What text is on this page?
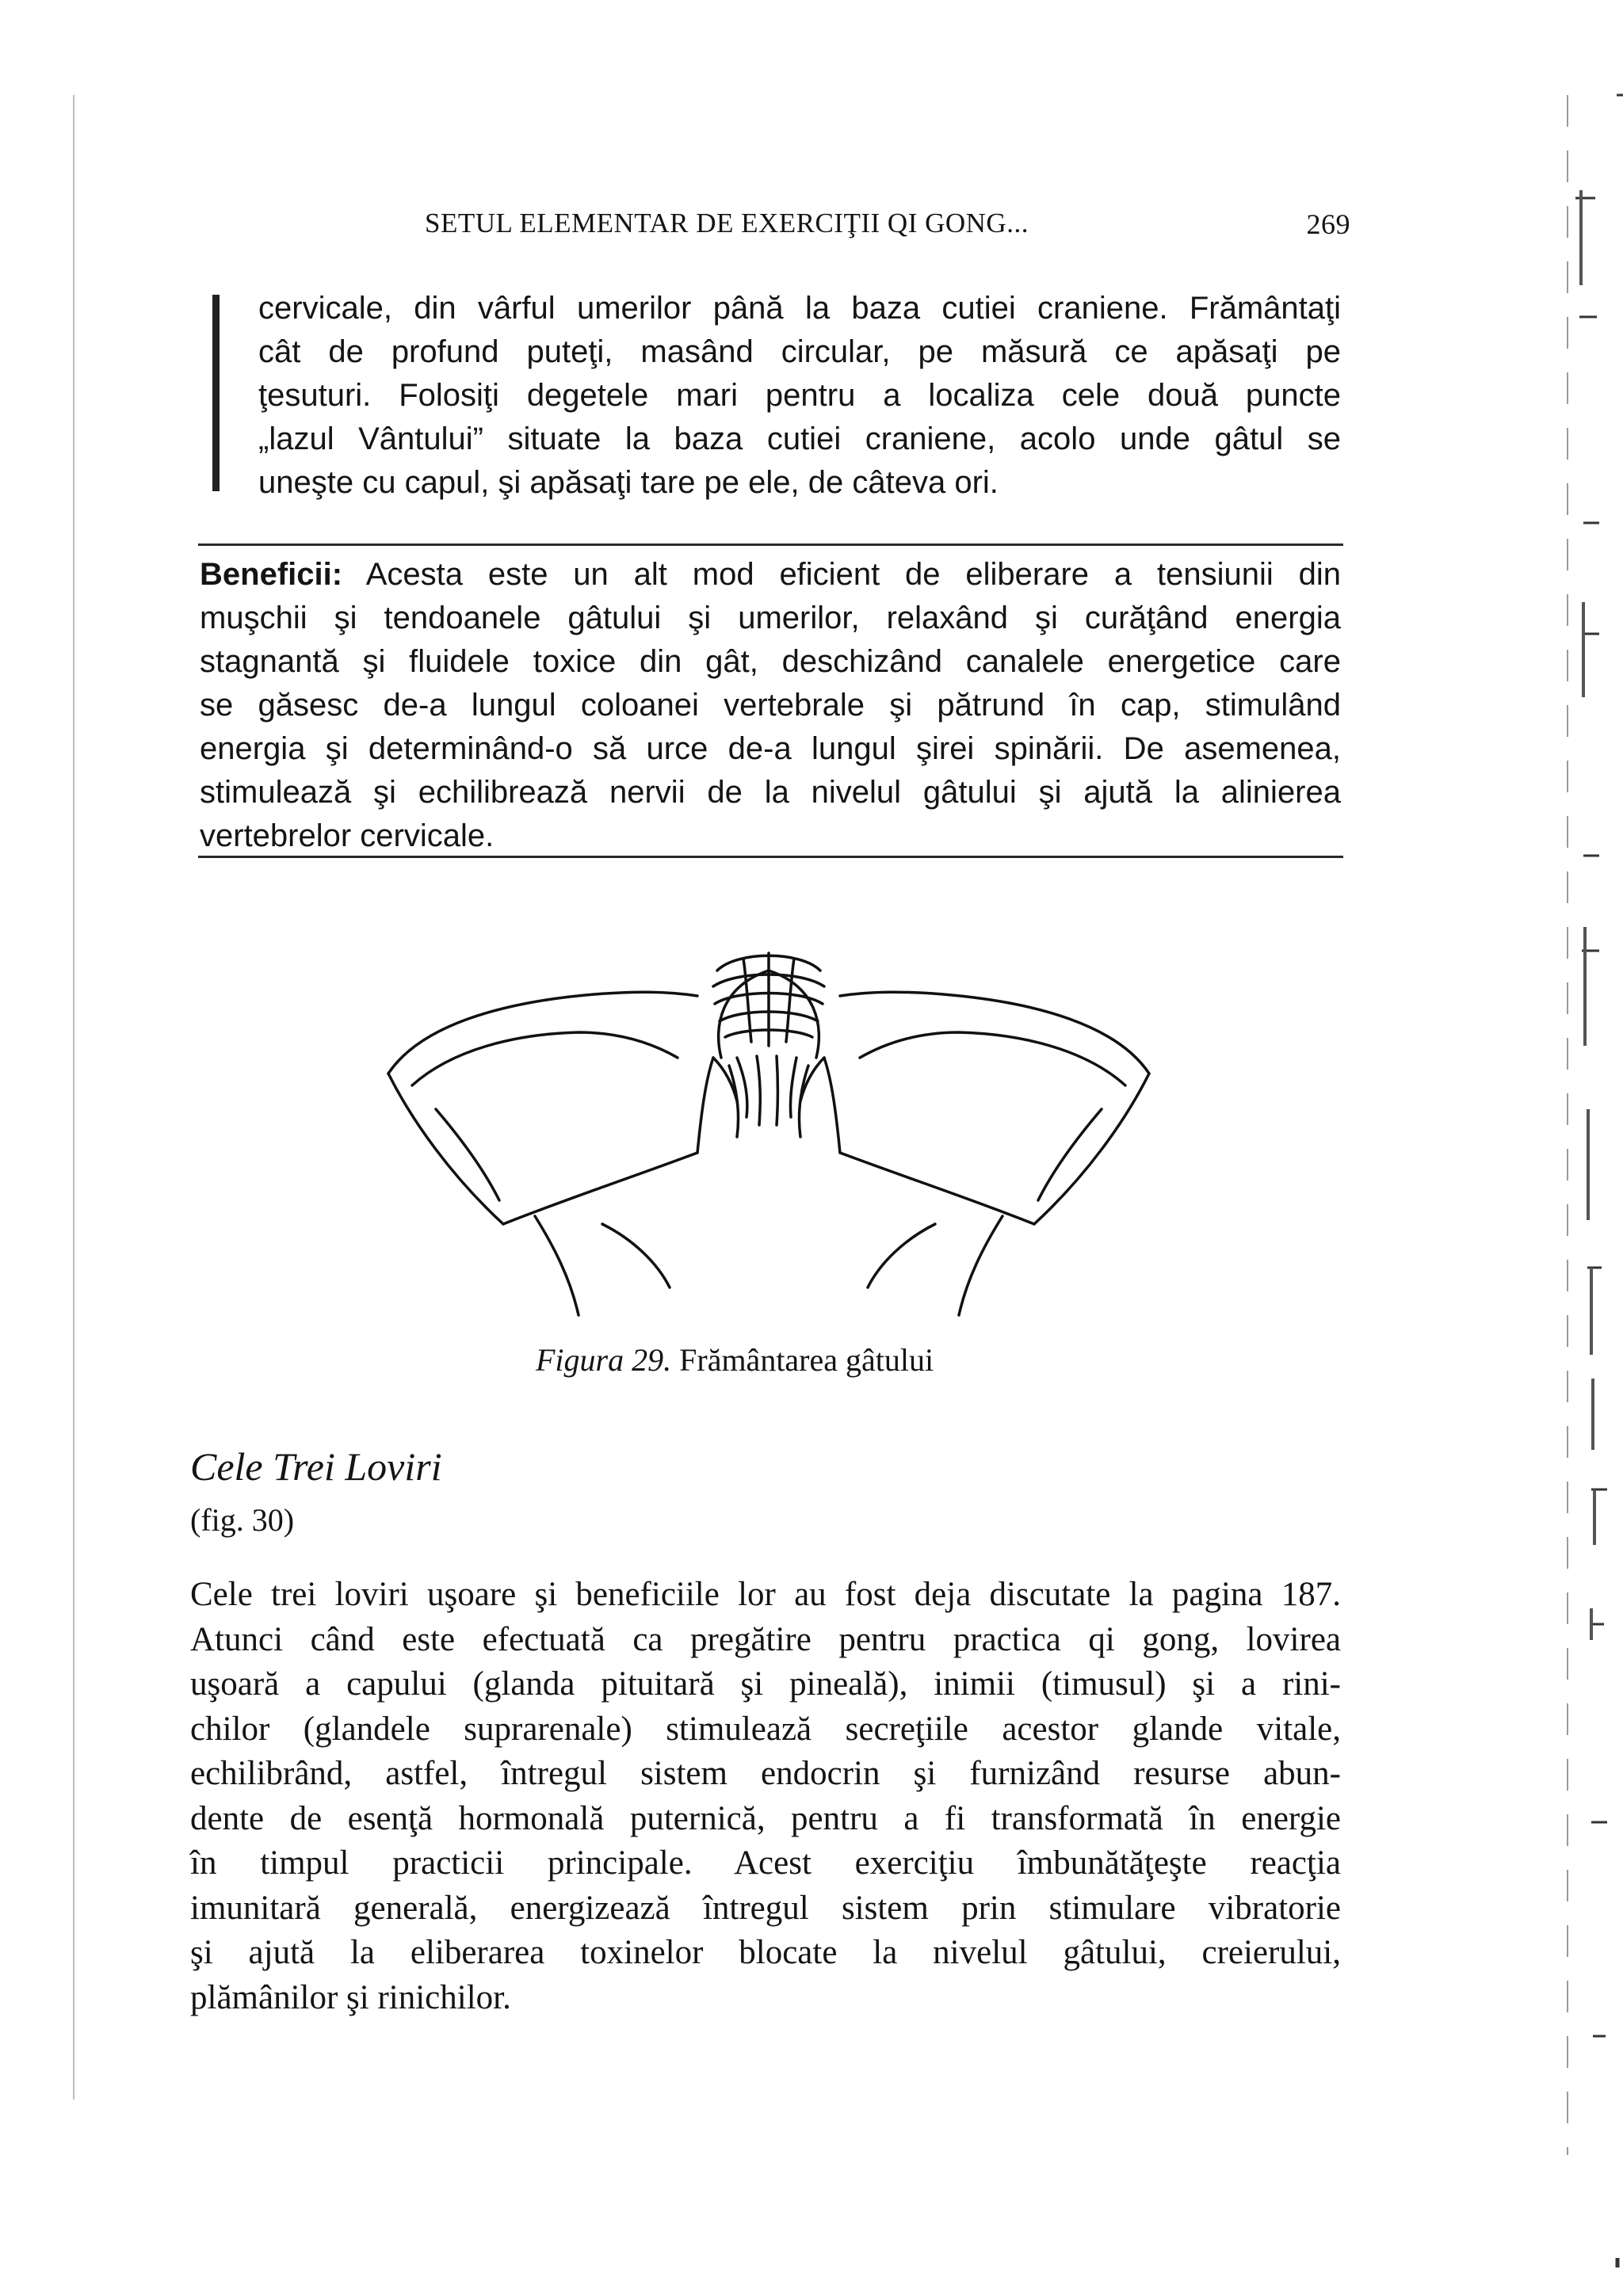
SETUL ELEMENTAR DE EXERCIŢII QI GONG...	269
cervicale, din vârful umerilor până la baza cutiei craniene. Frământaţi
cât de profund puteţi, masând circular, pe măsură ce apăsaţi pe
ţesuturi. Folosiţi degetele mari pentru a localiza cele două puncte
„lazul Vântului” situate la baza cutiei craniene, acolo unde gâtul se
uneşte cu capul, şi apăsaţi tare pe ele, de câteva ori.
Beneficii: Acesta este un alt mod eficient de eliberare a tensiunii din
muşchii şi tendoanele gâtului şi umerilor, relaxând şi curăţând energia
stagnantă şi fluidele toxice din gât, deschizând canalele energetice care
se găsesc de-a lungul coloanei vertebrale şi pătrund în cap, stimulând
energia şi determinând-o să urce de-a lungul şirei spinării. De asemenea,
stimulează şi echilibrează nervii de la nivelul gâtului şi ajută la alinierea
vertebrelor cervicale.
Figura 29. Frământarea gâtului
Cele Trei Loviri
(fig. 30)
Cele trei loviri uşoare şi beneficiile lor au fost deja discutate la pagina 187.
Atunci când este efectuată ca pregătire pentru practica qi gong, lovirea
uşoară a capului (glanda pituitară şi pineală), inimii (timusul) şi a rini-
chilor (glandele suprarenale) stimulează secreţiile acestor glande vitale,
echilibrând, astfel, întregul sistem endocrin şi furnizând resurse abun-
dente de esenţă hormonală puternică, pentru a fi transformată în energie
în timpul practicii principale. Acest exerciţiu îmbunătăţeşte reacţia
imunitară generală, energizează întregul sistem prin stimulare vibratorie
şi ajută la eliberarea toxinelor blocate la nivelul gâtului, creierului,
plămânilor şi rinichilor.
